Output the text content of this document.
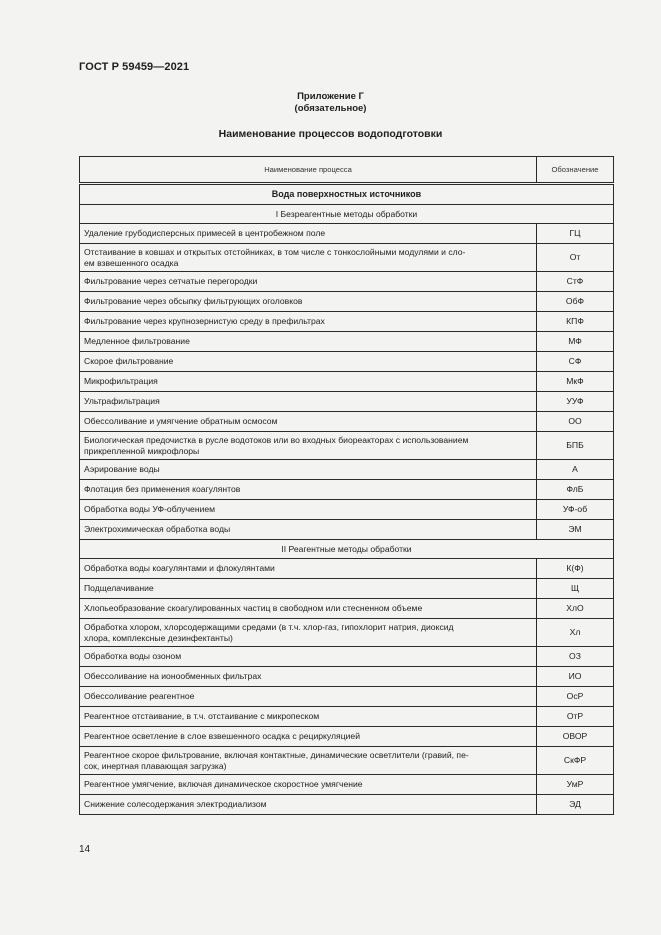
ГОСТ Р 59459—2021
Приложение Г
(обязательное)
Наименование процессов водоподготовки
Наименование процесса	Обозначение
Вода поверхностных источников	
I Безреагентные методы обработки	
Удаление грубодисперсных примесей в центробежном поле	ГЦ
Отстаивание в ковшах и открытых отстойниках, в том числе с тонкослойными модулями и сло-
ем взвешенного осадка	От
Фильтрование через сетчатые перегородки	СтФ
Фильтрование через обсыпку фильтрующих оголовков	ОбФ
Фильтрование через крупнозернистую среду в префильтрах	КПФ
Медленное фильтрование	МФ
Скорое фильтрование	СФ
Микрофильтрация	МкФ
Ультрафильтрация	УУФ
Обессоливание и умягчение обратным осмосом	ОО
Биологическая предочистка в русле водотоков или во входных биореакторах с использованием
прикрепленной микрофлоры	БПБ
Аэрирование воды	А
Флотация без применения коагулянтов	ФлБ
Обработка воды УФ-облучением	УФ-об
Электрохимическая обработка воды	ЭМ
II Реагентные методы обработки	
Обработка воды коагулянтами и флокулянтами	К(Ф)
Подщелачивание	Щ
Хлопьеобразование скоагулированных частиц в свободном или стесненном объеме	ХлО
Обработка хлором, хлорсодержащими средами (в т.ч. хлор-газ, гипохлорит натрия, диоксид
хлора, комплексные дезинфектанты)	Хл
Обработка воды озоном	ОЗ
Обессоливание на ионообменных фильтрах	ИО
Обессоливание реагентное	ОсР
Реагентное отстаивание, в т.ч. отстаивание с микропеском	ОтР
Реагентное осветление в слое взвешенного осадка с рециркуляцией	ОВОР
Реагентное скорое фильтрование, включая контактные, динамические осветлители (гравий, пе-
сок, инертная плавающая загрузка)	СкФР
Реагентное умягчение, включая динамическое скоростное умягчение	УмР
Снижение солесодержания электродиализом	ЭД
14
